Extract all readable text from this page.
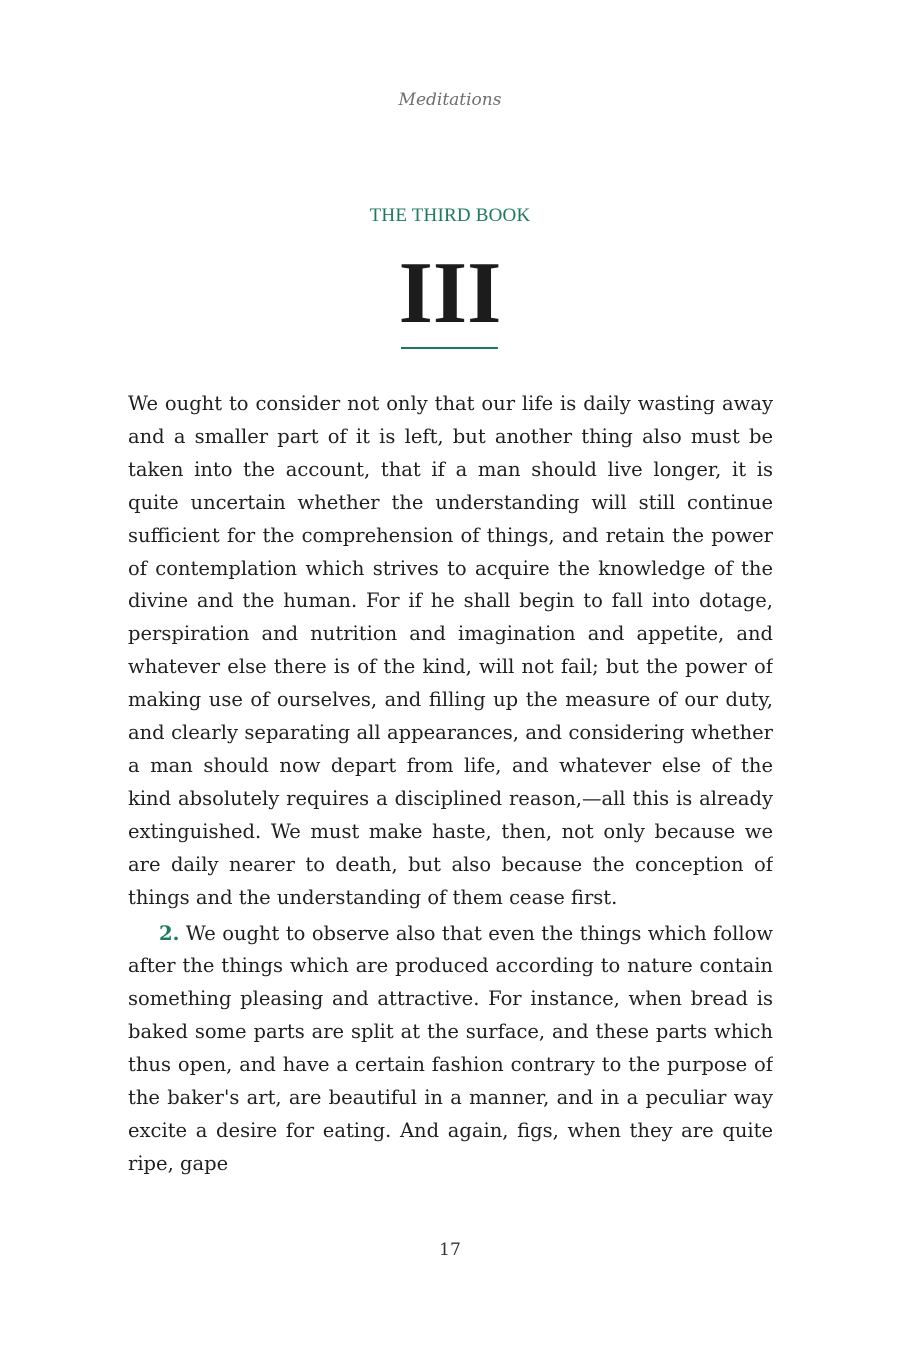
Meditations
THE THIRD BOOK
III

We ought to consider not only that our life is daily wasting away and a smaller part of it is left, but another thing also must be taken into the account, that if a man should live longer, it is quite uncertain whether the understanding will still continue sufficient for the comprehension of things, and retain the power of contemplation which strives to acquire the knowledge of the divine and the human. For if he shall begin to fall into dotage, perspiration and nutrition and imagination and appetite, and whatever else there is of the kind, will not fail; but the power of making use of ourselves, and filling up the measure of our duty, and clearly separating all appearances, and considering whether a man should now depart from life, and whatever else of the kind absolutely requires a disciplined reason,—all this is already extinguished. We must make haste, then, not only because we are daily nearer to death, but also because the conception of things and the understanding of them cease first.

2. We ought to observe also that even the things which follow after the things which are produced according to nature contain something pleasing and attractive. For instance, when bread is baked some parts are split at the surface, and these parts which thus open, and have a certain fashion contrary to the purpose of the baker's art, are beautiful in a manner, and in a peculiar way excite a desire for eating. And again, figs, when they are quite ripe, gape

17
